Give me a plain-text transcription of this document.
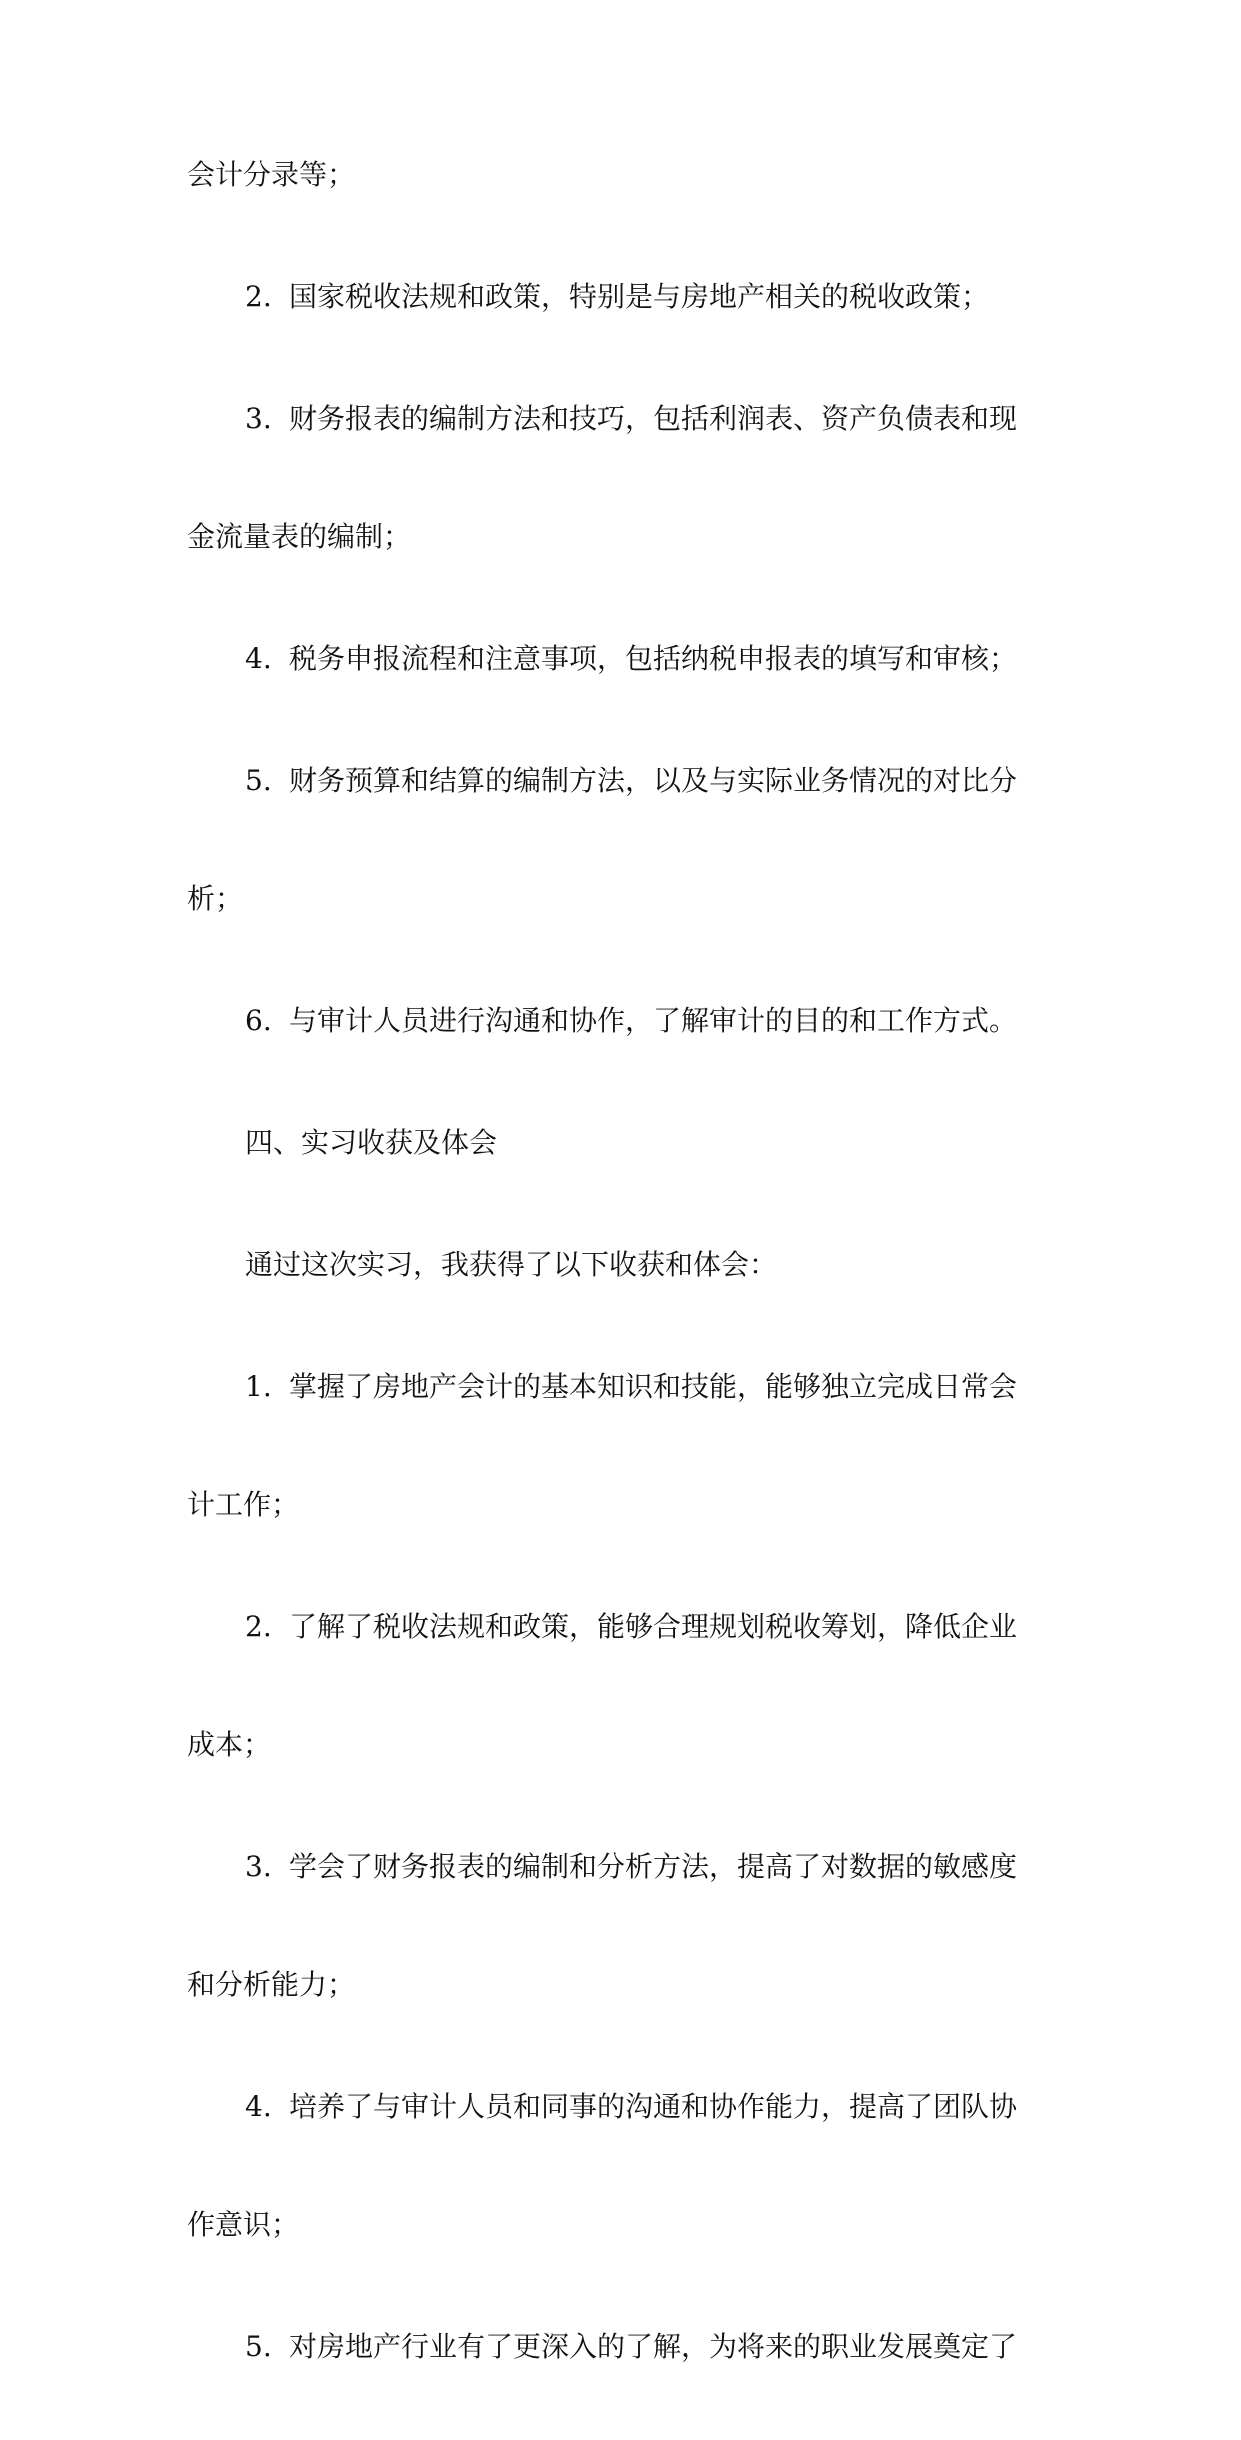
会计分录等；
2. 国家税收法规和政策，特别是与房地产相关的税收政策；
3. 财务报表的编制方法和技巧，包括利润表、资产负债表和现
金流量表的编制；
4. 税务申报流程和注意事项，包括纳税申报表的填写和审核；
5. 财务预算和结算的编制方法，以及与实际业务情况的对比分
析；
6. 与审计人员进行沟通和协作，了解审计的目的和工作方式。
四、实习收获及体会
通过这次实习，我获得了以下收获和体会：
1. 掌握了房地产会计的基本知识和技能，能够独立完成日常会
计工作；
2. 了解了税收法规和政策，能够合理规划税收筹划，降低企业
成本；
3. 学会了财务报表的编制和分析方法，提高了对数据的敏感度
和分析能力；
4. 培养了与审计人员和同事的沟通和协作能力，提高了团队协
作意识；
5. 对房地产行业有了更深入的了解，为将来的职业发展奠定了
